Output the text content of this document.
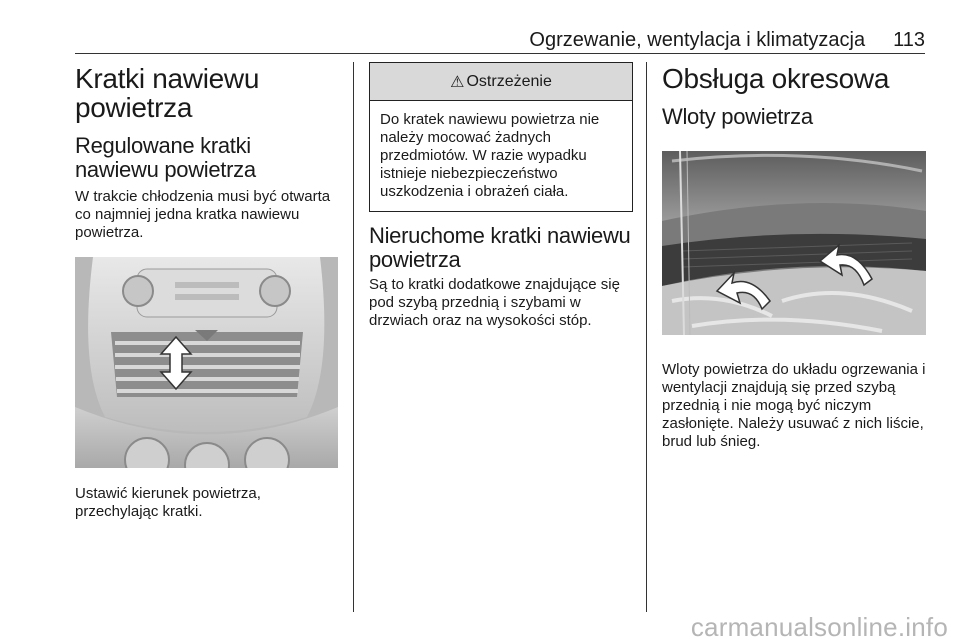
Ogrzewanie, wentylacja i klimatyzacja 113
Kratki nawiewu powietrza
Regulowane kratki nawiewu powietrza

W trakcie chłodzenia musi być otwarta co najmniej jedna kratka nawiewu powietrza.

Ustawić kierunek powietrza, przechylając kratki.

⚠ Ostrzeżenie
Do kratek nawiewu powietrza nie należy mocować żadnych przedmiotów. W razie wypadku istnieje niebezpieczeństwo uszkodzenia i obrażeń ciała.
Nieruchome kratki nawiewu powietrza

Są to kratki dodatkowe znajdujące się pod szybą przednią i szybami w drzwiach oraz na wysokości stóp.

Obsługa okresowa
Wloty powietrza

Wloty powietrza do układu ogrzewania i wentylacji znajdują się przed szybą przednią i nie mogą być niczym zasłonięte. Należy usuwać z nich liście, brud lub śnieg.

carmanualsonline.info
